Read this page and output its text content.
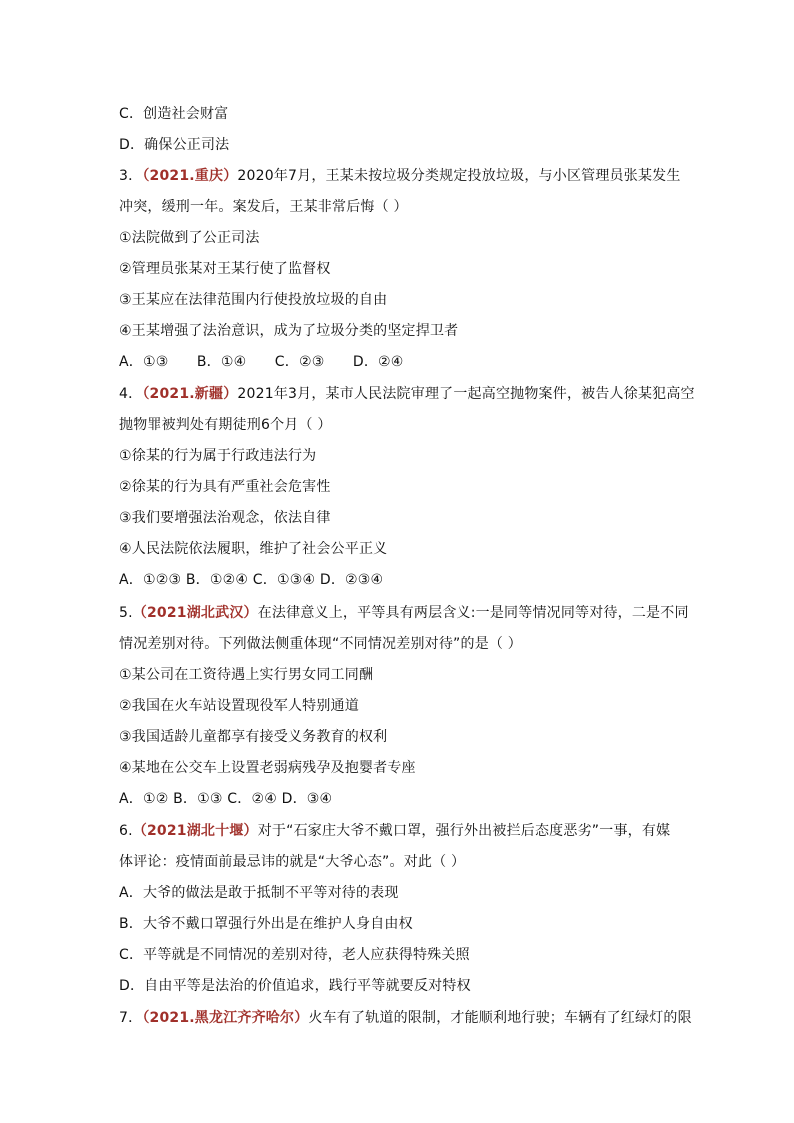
C．创造社会财富
D．确保公正司法
3．（2021.重庆）2020年7月，王某未按垃圾分类规定投放垃圾，与小区管理员张某发生
冲突，缓刑一年。案发后，王某非常后悔（ ）
①法院做到了公正司法
②管理员张某对王某行使了监督权
③王某应在法律范围内行使投放垃圾的自由
④王某增强了法治意识，成为了垃圾分类的坚定捍卫者
A．①③　　B．①④　　C．②③　　D．②④
4．（2021.新疆）2021年3月，某市人民法院审理了一起高空抛物案件，被告人徐某犯高空
抛物罪被判处有期徒刑6个月（ ）
①徐某的行为属于行政违法行为
②徐某的行为具有严重社会危害性
③我们要增强法治观念，依法自律
④人民法院依法履职，维护了社会公平正义
A．①②③ B．①②④ C．①③④ D．②③④
5.（2021湖北武汉）在法律意义上，平等具有两层含义:一是同等情况同等对待，二是不同
情况差别对待。下列做法侧重体现“不同情况差别对待”的是（ ）
①某公司在工资待遇上实行男女同工同酬
②我国在火车站设置现役军人特别通道
③我国适龄儿童都享有接受义务教育的权利
④某地在公交车上设置老弱病残孕及抱婴者专座
A．①② B．①③ C．②④ D．③④
6.（2021湖北十堰）对于“石家庄大爷不戴口罩，强行外出被拦后态度恶劣”一事，有媒
体评论：疫情面前最忌讳的就是“大爷心态”。对此（ ）
A．大爷的做法是敢于抵制不平等对待的表现
B．大爷不戴口罩强行外出是在维护人身自由权
C．平等就是不同情况的差别对待，老人应获得特殊关照
D．自由平等是法治的价值追求，践行平等就要反对特权
7．（2021.黑龙江齐齐哈尔）火车有了轨道的限制，才能顺利地行驶；车辆有了红绿灯的限
